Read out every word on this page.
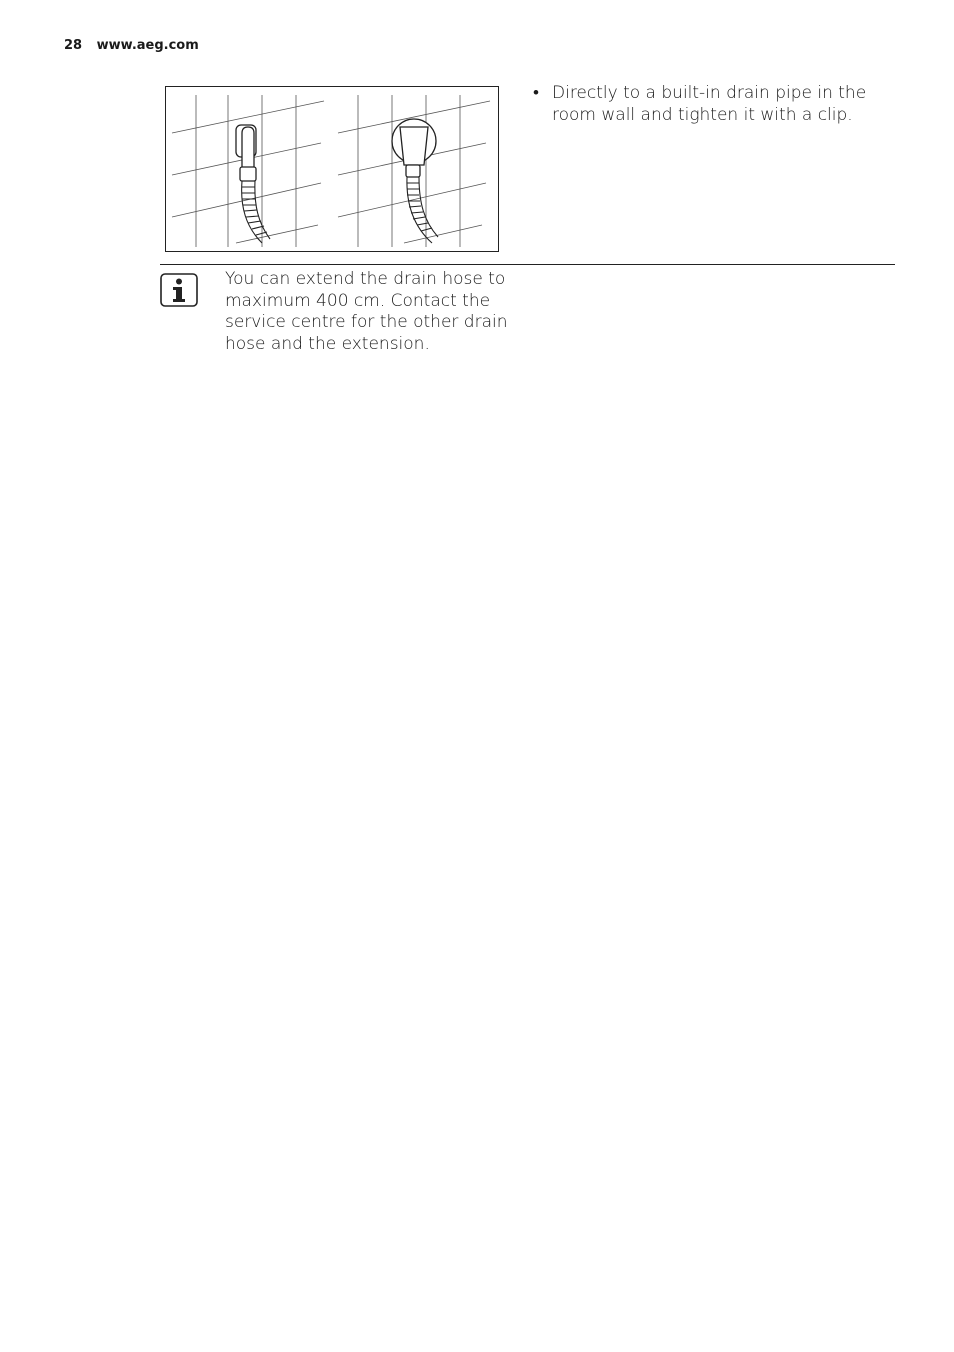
28 www.aeg.com
• Directly to a built-in drain pipe in the room wall and tighten it with a clip.
You can extend the drain hose to maximum 400 cm. Contact the service centre for the other drain hose and the extension.
